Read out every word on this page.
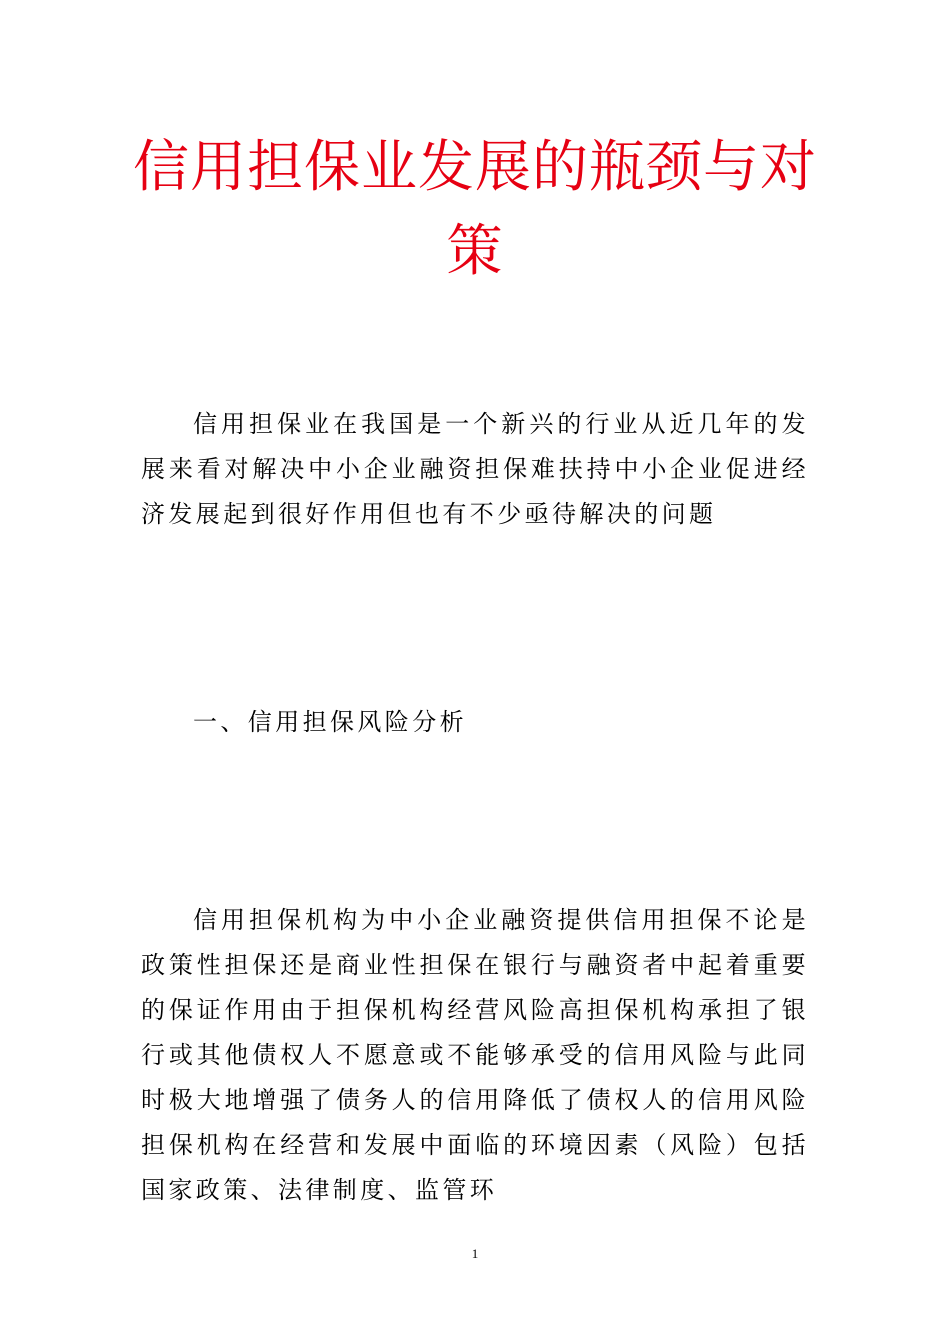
信用担保业发展的瓶颈与对策

信用担保业在我国是一个新兴的行业从近几年的发展来看对解决中小企业融资担保难扶持中小企业促进经济发展起到很好作用但也有不少亟待解决的问题

一、信用担保风险分析

信用担保机构为中小企业融资提供信用担保不论是政策性担保还是商业性担保在银行与融资者中起着重要的保证作用由于担保机构经营风险高担保机构承担了银行或其他债权人不愿意或不能够承受的信用风险与此同时极大地增强了债务人的信用降低了债权人的信用风险担保机构在经营和发展中面临的环境因素（风险）包括国家政策、法律制度、监管环

1
